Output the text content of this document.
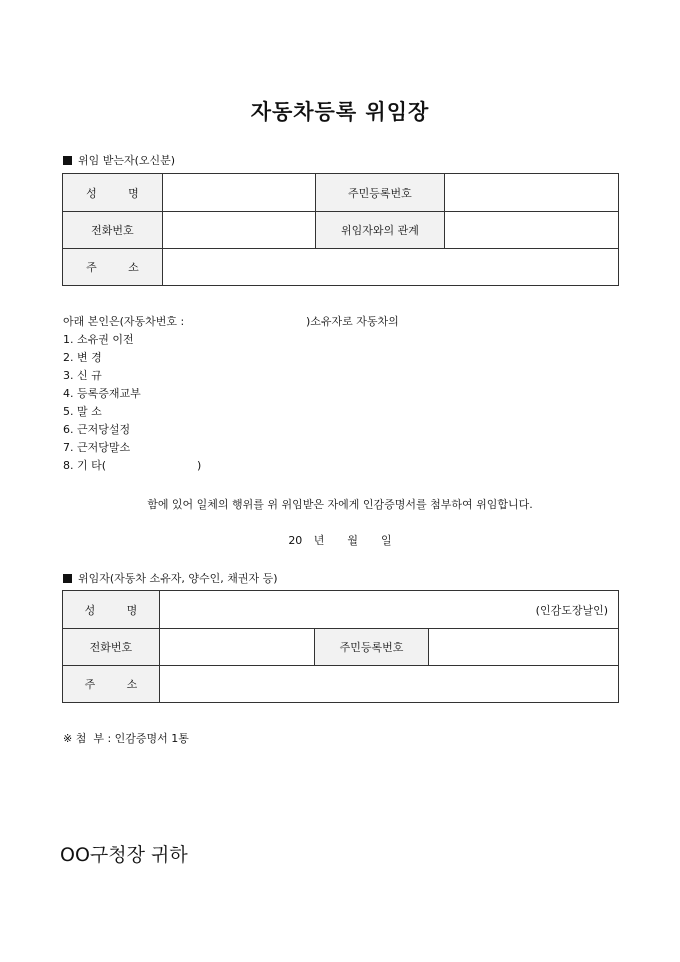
자동차등록 위임장
위임 받는자(오신분)
성 명		주민등록번호	
전화번호		위임자와의 관계	
주 소			
아래 본인은(자동차번호 :	)소유자로 자동차의
1. 소유권 이전
2. 변 경
3. 신 규
4. 등록증재교부
5. 말 소
6. 근저당설정
7. 근저당말소
8. 기 타(                          )
함에 있어 일체의 행위를 위 위임받은 자에게 인감증명서를 첨부하여 위임합니다.
20 년  월  일
위임자(자동차 소유자, 양수인, 채권자 등)
성 명	(인감도장날인)		
전화번호		주민등록번호	
주 소			
※ 첨  부 : 인감증명서 1통
OO구청장 귀하
